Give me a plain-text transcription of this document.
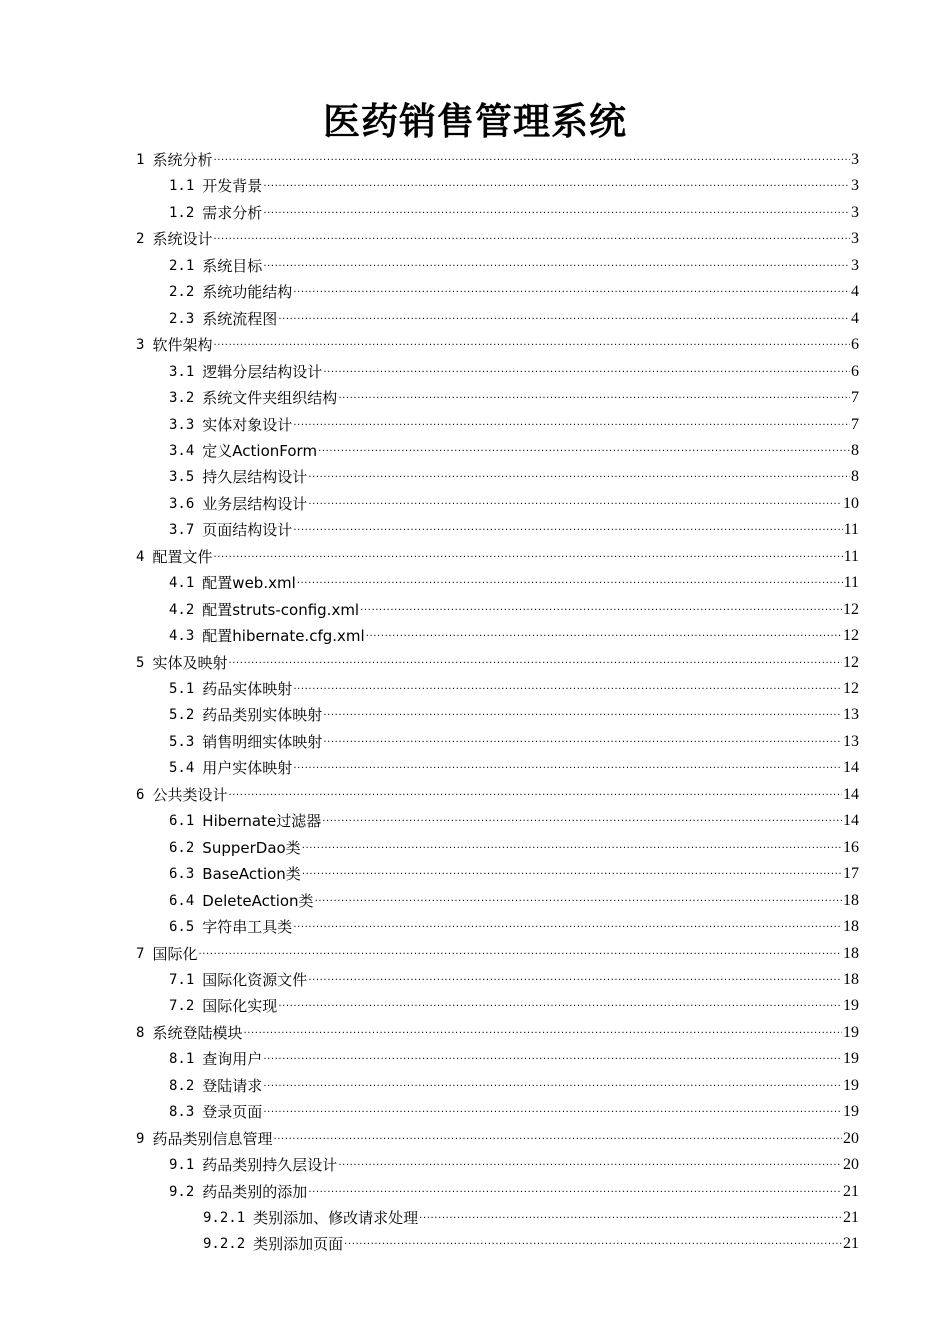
医药销售管理系统
1 系统分析 .....	3
1.1 开发背景 .....	3
1.2 需求分析 .....	3
2 系统设计 .....	3
2.1 系统目标 .....	3
2.2 系统功能结构 .....	4
2.3 系统流程图 .....	4
3 软件架构 .....	6
3.1 逻辑分层结构设计 .....	6
3.2 系统文件夹组织结构 .....	7
3.3 实体对象设计 .....	7
3.4 定义ActionForm .....	8
3.5 持久层结构设计 .....	8
3.6 业务层结构设计 .....	10
3.7 页面结构设计 .....	11
4 配置文件 .....	11
4.1 配置web.xml .....	11
4.2 配置struts-config.xml .....	12
4.3 配置hibernate.cfg.xml .....	12
5 实体及映射 .....	12
5.1 药品实体映射 .....	12
5.2 药品类别实体映射 .....	13
5.3 销售明细实体映射 .....	13
5.4 用户实体映射 .....	14
6 公共类设计 .....	14
6.1 Hibernate过滤器 .....	14
6.2 SupperDao类 .....	16
6.3 BaseAction类 .....	17
6.4 DeleteAction类 .....	18
6.5 字符串工具类 .....	18
7 国际化 .....	18
7.1 国际化资源文件 .....	18
7.2 国际化实现 .....	19
8 系统登陆模块 .....	19
8.1 查询用户 .....	19
8.2 登陆请求 .....	19
8.3 登录页面 .....	19
9 药品类别信息管理 .....	20
9.1 药品类别持久层设计 .....	20
9.2 药品类别的添加 .....	21
9.2.1 类别添加、修改请求处理 .....	21
9.2.2 类别添加页面 .....	21
